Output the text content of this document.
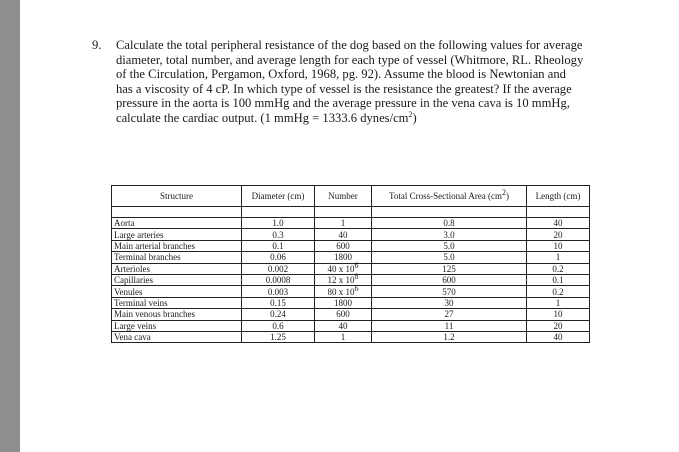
9. Calculate the total peripheral resistance of the dog based on the following values for average
diameter, total number, and average length for each type of vessel (Whitmore, RL. Rheology
of the Circulation, Pergamon, Oxford, 1968, pg. 92). Assume the blood is Newtonian and
has a viscosity of 4 cP. In which type of vessel is the resistance the greatest? If the average
pressure in the aorta is 100 mmHg and the average pressure in the vena cava is 10 mmHg,
calculate the cardiac output. (1 mmHg = 1333.6 dynes/$cm^2$)
Structure	Diameter (cm)	Number	Total Cross-Sectional Area $(cm^2)$	Length (cm)

Aorta	1.0	1	0.8	40
Large arteries	0.3	40	3.0	20
Main arterial branches	0.1	600	5.0	10
Terminal branches	0.06	1800	5.0	1
Arterioles	0.002	40 x $10^6$	125	0.2
Capillaries	0.0008	12 x $10^8$	600	0.1
Venules	0.003	80 x $10^6$	570	0.2
Terminal veins	0.15	1800	30	1
Main venous branches	0.24	600	27	10
Large veins	0.6	40	11	20
Vena cava	1.25	1	1.2	40
